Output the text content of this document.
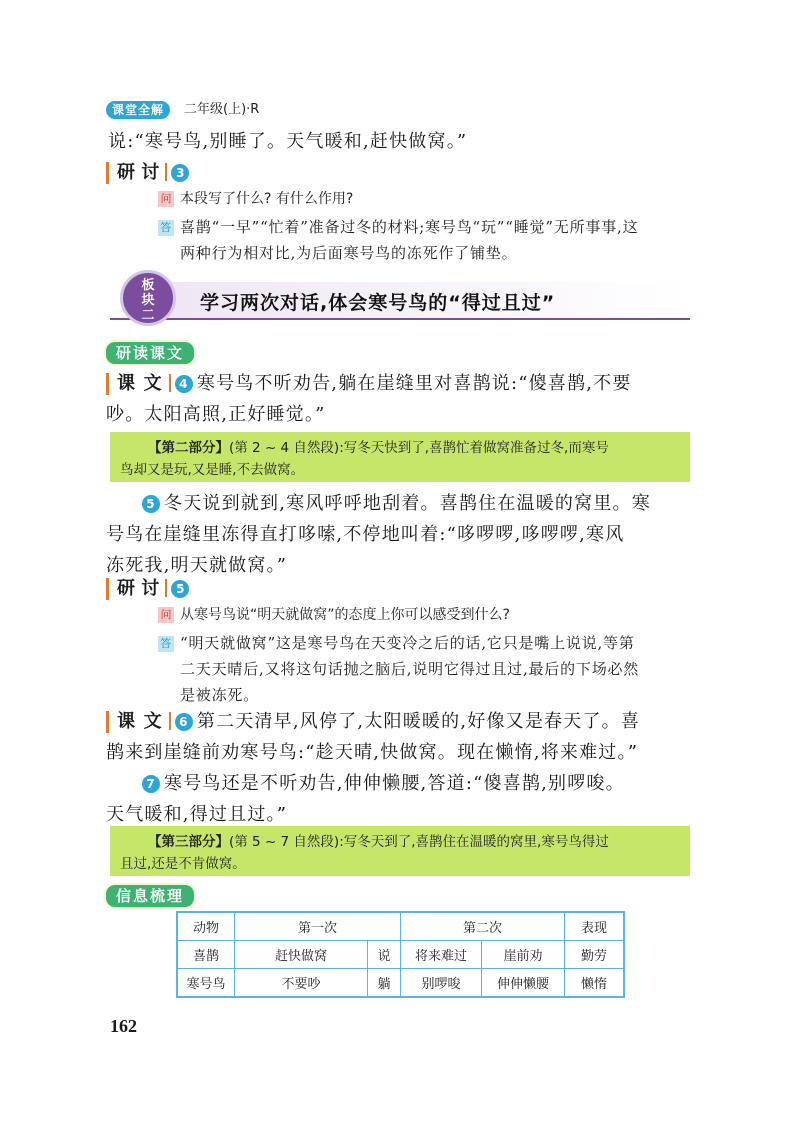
课堂全解	二年级(上)·R
说:“寒号鸟,别睡了。天气暖和,赶快做窝。”
研 讨 3
问 本段写了什么? 有什么作用?
答 喜鹊“一早”“忙着”准备过冬的材料;寒号鸟“玩”“睡觉”无所事事,这
两种行为相对比,为后面寒号鸟的冻死作了铺垫。
板
块
二
学习两次对话,体会寒号鸟的“得过且过”
研读课文
课 文 4 寒号鸟不听劝告,躺在崖缝里对喜鹊说:“傻喜鹊,不要
吵。太阳高照,正好睡觉。”
【第二部分】(第 2 ~ 4 自然段):写冬天快到了,喜鹊忙着做窝准备过冬,而寒号
鸟却又是玩,又是睡,不去做窝。
5 冬天说到就到,寒风呼呼地刮着。喜鹊住在温暖的窝里。寒
号鸟在崖缝里冻得直打哆嗦,不停地叫着:“哆啰啰,哆啰啰,寒风
冻死我,明天就做窝。”
研 讨 5
问 从寒号鸟说“明天就做窝”的态度上你可以感受到什么?
答 “明天就做窝”这是寒号鸟在天变冷之后的话,它只是嘴上说说,等第
二天天晴后,又将这句话抛之脑后,说明它得过且过,最后的下场必然
是被冻死。
课 文 6 第二天清早,风停了,太阳暖暖的,好像又是春天了。喜
鹊来到崖缝前劝寒号鸟:“趁天晴,快做窝。现在懒惰,将来难过。”
7 寒号鸟还是不听劝告,伸伸懒腰,答道:“傻喜鹊,别啰唆。
天气暖和,得过且过。”
【第三部分】(第 5 ~ 7 自然段):写冬天到了,喜鹊住在温暖的窝里,寒号鸟得过
且过,还是不肯做窝。
信息梳理
动物	第一次		第二次		表现
喜鹊	赶快做窝	说	将来难过	崖前劝	勤劳
寒号鸟	不要吵	躺	别啰唆	伸伸懒腰	懒惰
162
